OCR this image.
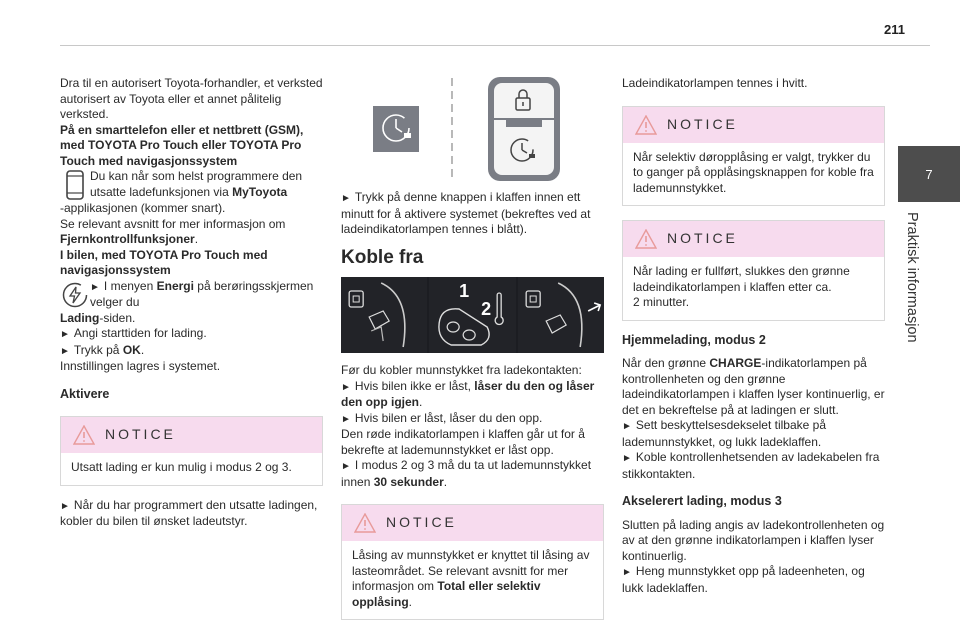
211
7
Praktisk informasjon

Dra til en autorisert Toyota-forhandler, et verksted autorisert av Toyota eller et annet pålitelig verksted.

På en smarttelefon eller et nettbrett (GSM), med TOYOTA Pro Touch eller TOYOTA Pro Touch med navigasjonssystem

Du kan når som helst programmere den utsatte ladefunksjonen via MyToyota

-applikasjonen (kommer snart).

Se relevant avsnitt for mer informasjon om Fjernkontrollfunksjoner.

I bilen, med TOYOTA Pro Touch med navigasjonssystem

► I menyen Energi på berøringsskjermen velger du

Lading-siden.

► Angi starttiden for lading.

► Trykk på OK.

Innstillingen lagres i systemet.

Aktivere
NOTICE
Utsatt lading er kun mulig i modus 2 og 3.

► Når du har programmert den utsatte ladingen, kobler du bilen til ønsket ladeutstyr.

► Trykk på denne knappen i klaffen innen ett minutt for å aktivere systemet (bekreftes ved at ladeindikatorlampen tennes i blått).

Koble fra
1
2

Før du kobler munnstykket fra ladekontakten:

► Hvis bilen ikke er låst, låser du den og låser den opp igjen.

► Hvis bilen er låst, låser du den opp.

Den røde indikatorlampen i klaffen går ut for å bekrefte at lademunnstykket er låst opp.

► I modus 2 og 3 må du ta ut lademunnstykket innen 30 sekunder.

NOTICE
Låsing av munnstykket er knyttet til låsing av lasteområdet. Se relevant avsnitt for mer informasjon om Total eller selektiv opplåsing.

Ladeindikatorlampen tennes i hvitt.

NOTICE
Når selektiv døropplåsing er valgt, trykker du to ganger på opplåsingsknappen for koble fra lademunnstykket.
NOTICE

Når lading er fullført, slukkes den grønne ladeindikatorlampen i klaffen etter ca.

2 minutter.

Hjemmelading, modus 2

Når den grønne CHARGE-indikatorlampen på kontrollenheten og den grønne ladeindikatorlampen i klaffen lyser kontinuerlig, er det en bekreftelse på at ladingen er slutt.

► Sett beskyttelsesdekselet tilbake på lademunnstykket, og lukk ladeklaffen.

► Koble kontrollenhetsenden av ladekabelen fra stikkontakten.

Akselerert lading, modus 3

Slutten på lading angis av ladekontrollenheten og av at den grønne indikatorlampen i klaffen lyser kontinuerlig.

► Heng munnstykket opp på ladeenheten, og lukk ladeklaffen.
